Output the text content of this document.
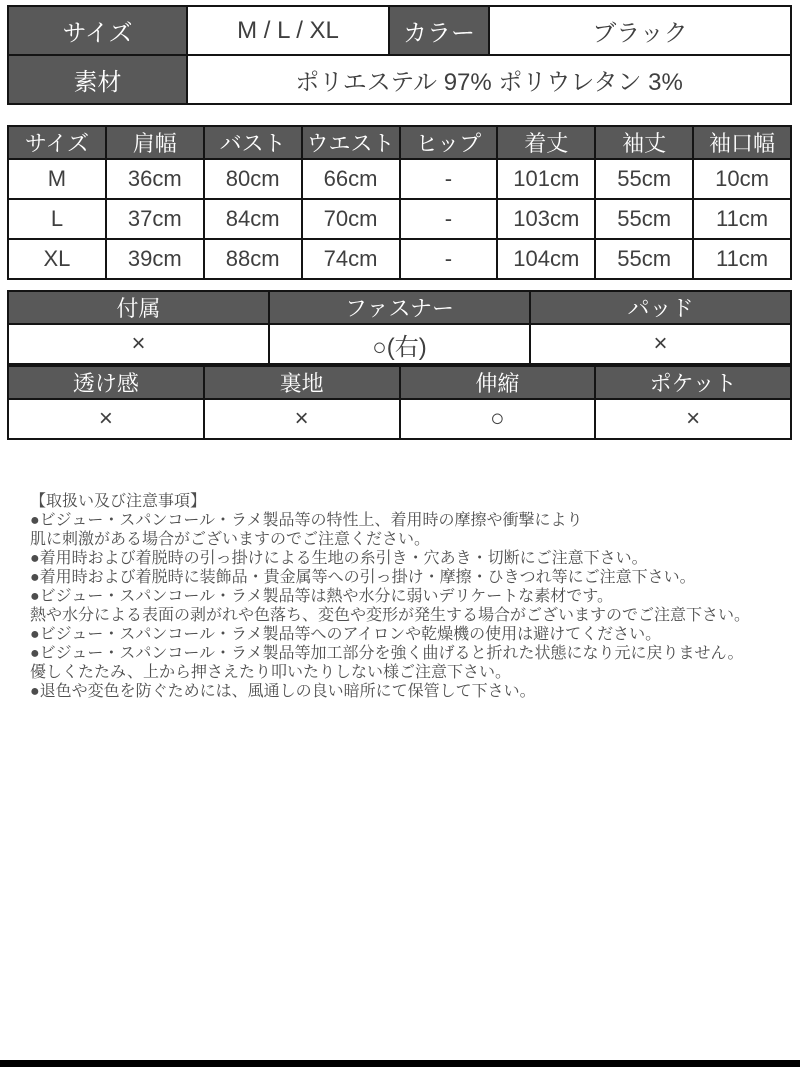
サイズ	M / L / XL	カラー	ブラック
素材	ポリエステル 97% ポリウレタン 3%		
サイズ	肩幅	バスト	ウエスト	ヒップ	着丈	袖丈	袖口幅
M	36cm	80cm	66cm	-	101cm	55cm	10cm
L	37cm	84cm	70cm	-	103cm	55cm	11cm
XL	39cm	88cm	74cm	-	104cm	55cm	11cm
付属	ファスナー	パッド
×	○(右)	×
透け感	裏地	伸縮	ポケット
×	×	○	×
【取扱い及び注意事項】
●ビジュー・スパンコール・ラメ製品等の特性上、着用時の摩擦や衝撃により
肌に刺激がある場合がございますのでご注意ください。
●着用時および着脱時の引っ掛けによる生地の糸引き・穴あき・切断にご注意下さい。
●着用時および着脱時に装飾品・貴金属等への引っ掛け・摩擦・ひきつれ等にご注意下さい。
●ビジュー・スパンコール・ラメ製品等は熱や水分に弱いデリケートな素材です。
熱や水分による表面の剥がれや色落ち、変色や変形が発生する場合がございますのでご注意下さい。
●ビジュー・スパンコール・ラメ製品等へのアイロンや乾燥機の使用は避けてください。
●ビジュー・スパンコール・ラメ製品等加工部分を強く曲げると折れた状態になり元に戻りません。
優しくたたみ、上から押さえたり叩いたりしない様ご注意下さい。
●退色や変色を防ぐためには、風通しの良い暗所にて保管して下さい。
